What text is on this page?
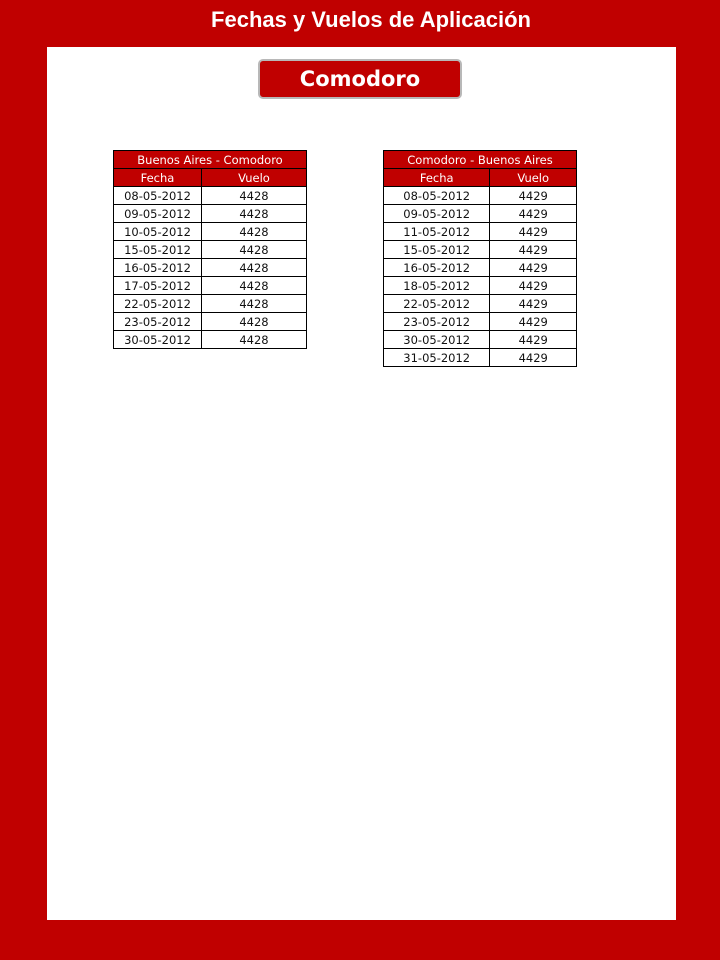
Fechas y Vuelos de Aplicación
Comodoro
Buenos Aires - Comodoro	
Fecha	Vuelo
08-05-2012	4428
09-05-2012	4428
10-05-2012	4428
15-05-2012	4428
16-05-2012	4428
17-05-2012	4428
22-05-2012	4428
23-05-2012	4428
30-05-2012	4428
Comodoro - Buenos Aires	
Fecha	Vuelo
08-05-2012	4429
09-05-2012	4429
11-05-2012	4429
15-05-2012	4429
16-05-2012	4429
18-05-2012	4429
22-05-2012	4429
23-05-2012	4429
30-05-2012	4429
31-05-2012	4429
